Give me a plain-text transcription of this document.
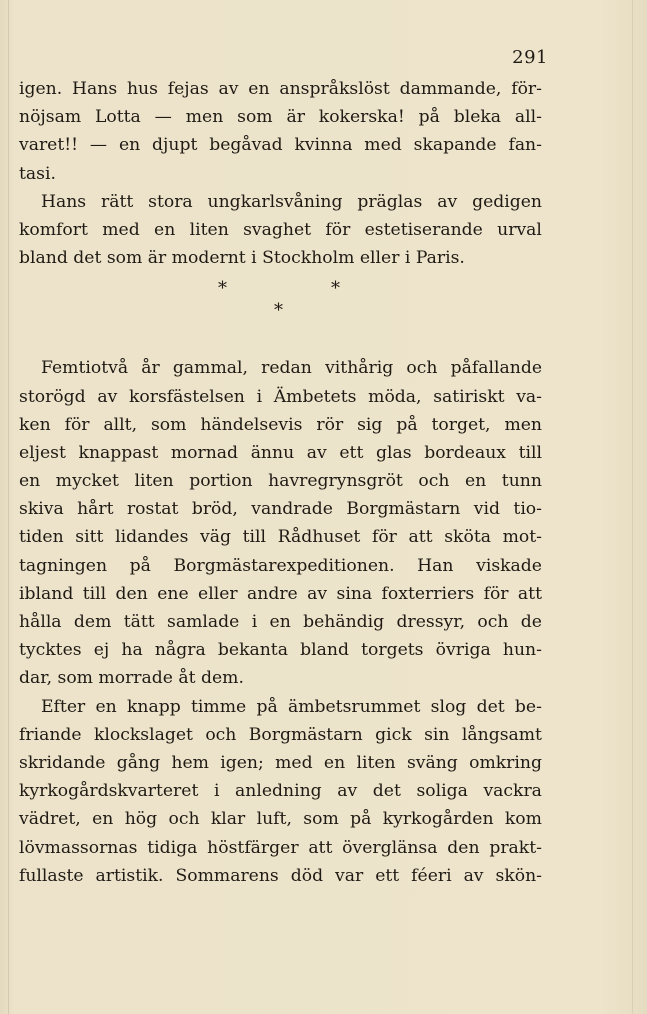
291
igen. Hans hus fejas av en anspråkslöst dammande, för-
nöjsam Lotta — men som är kokerska! på bleka all-
varet!! — en djupt begåvad kvinna med skapande fan-
tasi.
Hans rätt stora ungkarlsvåning präglas av gedigen
komfort med en liten svaghet för estetiserande urval
bland det som är modernt i Stockholm eller i Paris.
*	*
*
Femtiotvå år gammal, redan vithårig och påfallande
storögd av korsfästelsen i Ämbetets möda, satiriskt va-
ken för allt, som händelsevis rör sig på torget, men
eljest knappast mornad ännu av ett glas bordeaux till
en mycket liten portion havregrynsgröt och en tunn
skiva hårt rostat bröd, vandrade Borgmästarn vid tio-
tiden sitt lidandes väg till Rådhuset för att sköta mot-
tagningen på Borgmästarexpeditionen. Han viskade
ibland till den ene eller andre av sina foxterriers för att
hålla dem tätt samlade i en behändig dressyr, och de
tycktes ej ha några bekanta bland torgets övriga hun-
dar, som morrade åt dem.
Efter en knapp timme på ämbetsrummet slog det be-
friande klockslaget och Borgmästarn gick sin långsamt
skridande gång hem igen; med en liten sväng omkring
kyrkogårdskvarteret i anledning av det soliga vackra
vädret, en hög och klar luft, som på kyrkogården kom
lövmassornas tidiga höstfärger att överglänsa den prakt-
fullaste artistik. Sommarens död var ett féeri av skön-
